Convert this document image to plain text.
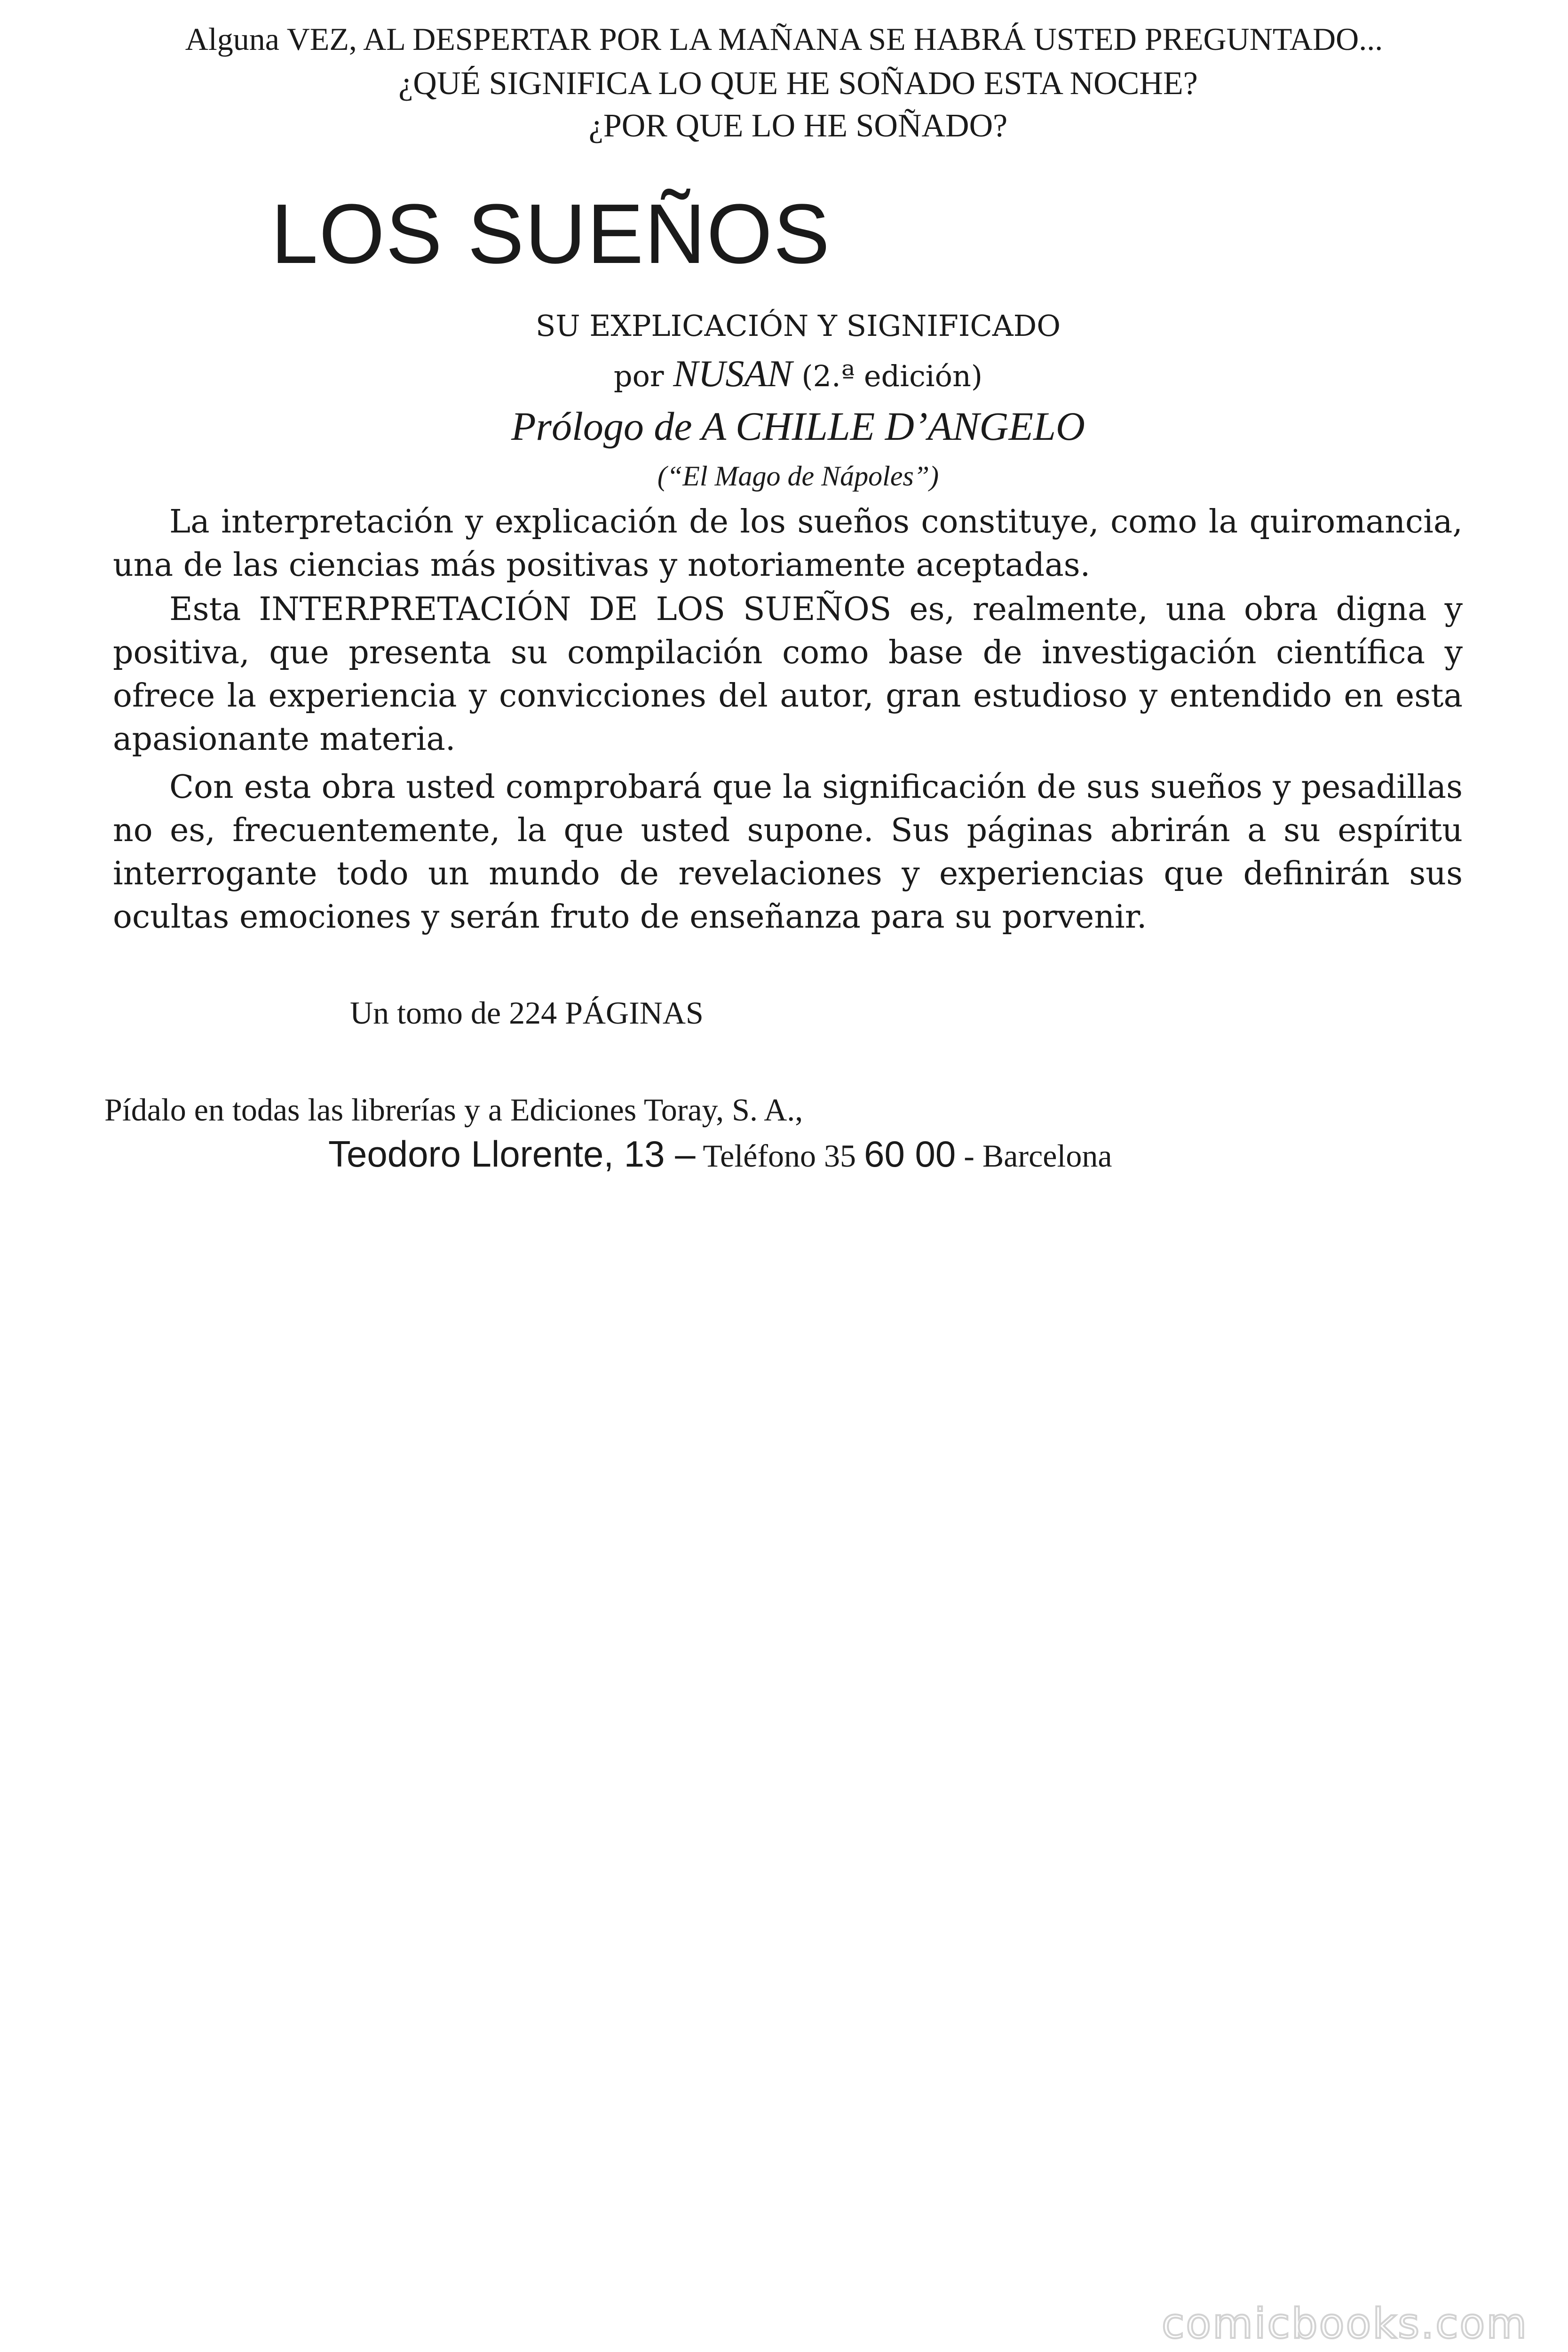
Alguna VEZ, AL DESPERTAR POR LA MAÑANA SE HABRÁ USTED PREGUNTADO...
¿QUÉ SIGNIFICA LO QUE HE SOÑADO ESTA NOCHE?
¿POR QUE LO HE SOÑADO?
LOS SUEÑOS
SU EXPLICACIÓN Y SIGNIFICADO
por NUSAN (2.ª edición)
Prólogo de A CHILLE D’ANGELO
(“El Mago de Nápoles”)

La interpretación y explicación de los sueños constituye, como la quiromancia, una de las ciencias más positivas y notoriamente aceptadas.

Esta INTERPRETACIÓN DE LOS SUEÑOS es, realmente, una obra digna y positiva, que presenta su compilación como base de investigación científica y ofrece la experiencia y convicciones del autor, gran estudioso y entendido en esta apasionante materia.

Con esta obra usted comprobará que la significación de sus sueños y pesadillas no es, frecuentemente, la que usted supone. Sus páginas abrirán a su espíritu interrogante todo un mundo de revelaciones y experiencias que definirán sus ocultas emociones y serán fruto de enseñanza para su porvenir.

Un tomo de 224 PÁGINAS
Pídalo en todas las librerías y a Ediciones Toray, S. A.,
Teodoro Llorente, 13 – Teléfono 35 60 00 - Barcelona
comicbooks.com
